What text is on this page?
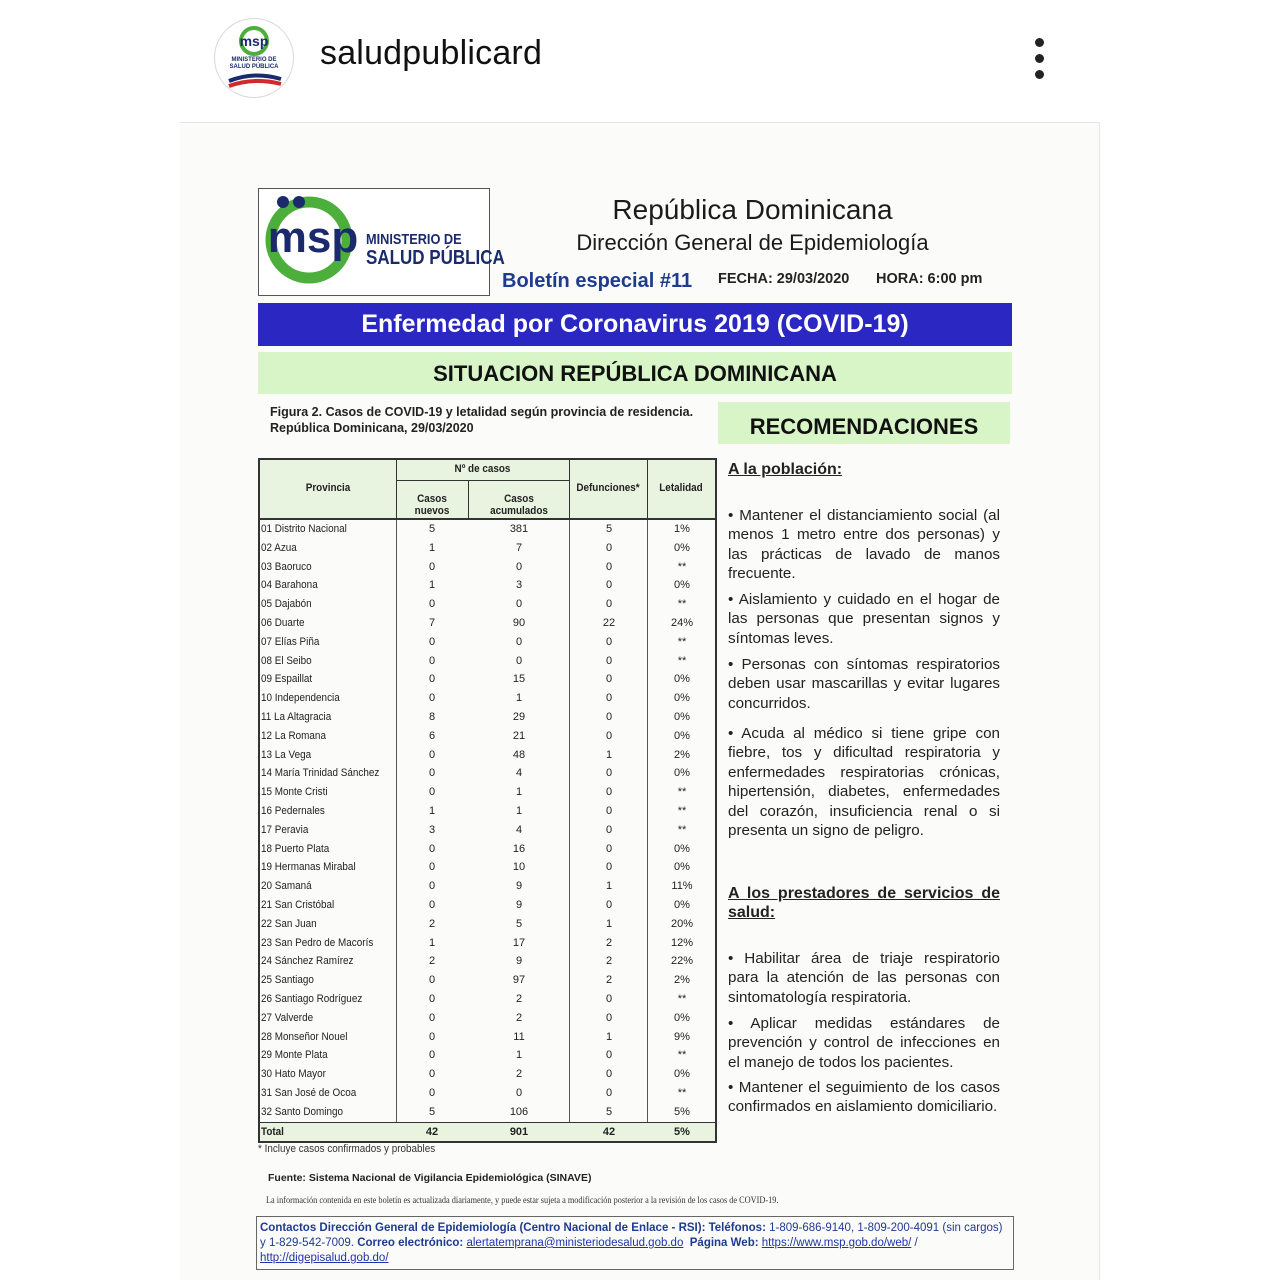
msp
MINISTERIO DE
SALUD PÚBLICA	saludpublicard
msp MINISTERIO DE
SALUD PÚBLICA
República Dominicana
Dirección General de Epidemiología
Boletín especial #11 FECHA: 29/03/2020 HORA: 6:00 pm
Enfermedad por Coronavirus 2019 (COVID-19)
SITUACION REPÚBLICA DOMINICANA
Figura 2. Casos de COVID-19 y letalidad según provincia de residencia. República Dominicana, 29/03/2020	RECOMENDACIONES
Provincia
Nº de casos
Casos nuevos
Casos acumulados
Defunciones*	Letalidad
01 Distrito Nacional	5	381	5	1%
02 Azua	1	7	0	0%
03 Baoruco	0	0	0	**
04 Barahona	1	3	0	0%
05 Dajabón	0	0	0	**
06 Duarte	7	90	22	24%
07 Elías Piña	0	0	0	**
08 El Seibo	0	0	0	**
09 Espaillat	0	15	0	0%
10 Independencia	0	1	0	0%
11 La Altagracia	8	29	0	0%
12 La Romana	6	21	0	0%
13 La Vega	0	48	1	2%
14 María Trinidad Sánchez	0	4	0	0%
15 Monte Cristi	0	1	0	**
16 Pedernales	1	1	0	**
17 Peravia	3	4	0	**
18 Puerto Plata	0	16	0	0%
19 Hermanas Mirabal	0	10	0	0%
20 Samaná	0	9	1	11%
21 San Cristóbal	0	9	0	0%
22 San Juan	2	5	1	20%
23 San Pedro de Macorís	1	17	2	12%
24 Sánchez Ramírez	2	9	2	22%
25 Santiago	0	97	2	2%
26 Santiago Rodríguez	0	2	0	**
27 Valverde	0	2	0	0%
28 Monseñor Nouel	0	11	1	9%
29 Monte Plata	0	1	0	**
30 Hato Mayor	0	2	0	0%
31 San José de Ocoa	0	0	0	**
32 Santo Domingo	5	106	5	5%
Total	42	901	42	5%
* Incluye casos confirmados y probables
Fuente: Sistema Nacional de Vigilancia Epidemiológica (SINAVE)
La información contenida en este boletín es actualizada diariamente, y puede estar sujeta a modificación posterior a la revisión de los casos de COVID-19.
A la población:
• Mantener el distanciamiento social (al menos 1 metro entre dos personas) y las prácticas de lavado de manos frecuente.
• Aislamiento y cuidado en el hogar de las personas que presentan signos y síntomas leves.
• Personas con síntomas respiratorios deben usar mascarillas y evitar lugares concurridos.
• Acuda al médico si tiene gripe con fiebre, tos y dificultad respiratoria y enfermedades respiratorias crónicas, hipertensión, diabetes, enfermedades del corazón, insuficiencia renal o si presenta un signo de peligro.
A los prestadores de servicios de salud:
• Habilitar área de triaje respiratorio para la atención de las personas con sintomatología respiratoria.
• Aplicar medidas estándares de prevención y control de infecciones en el manejo de todos los pacientes.
• Mantener el seguimiento de los casos confirmados en aislamiento domiciliario.
Contactos Dirección General de Epidemiología (Centro Nacional de Enlace - RSI): Teléfonos: 1-809-686-9140, 1-809-200-4091 (sin cargos) y 1-829-542-7009. Correo electrónico: alertatemprana@ministeriodesalud.gob.do Página Web: https://www.msp.gob.do/web/ / http://digepisalud.gob.do/
